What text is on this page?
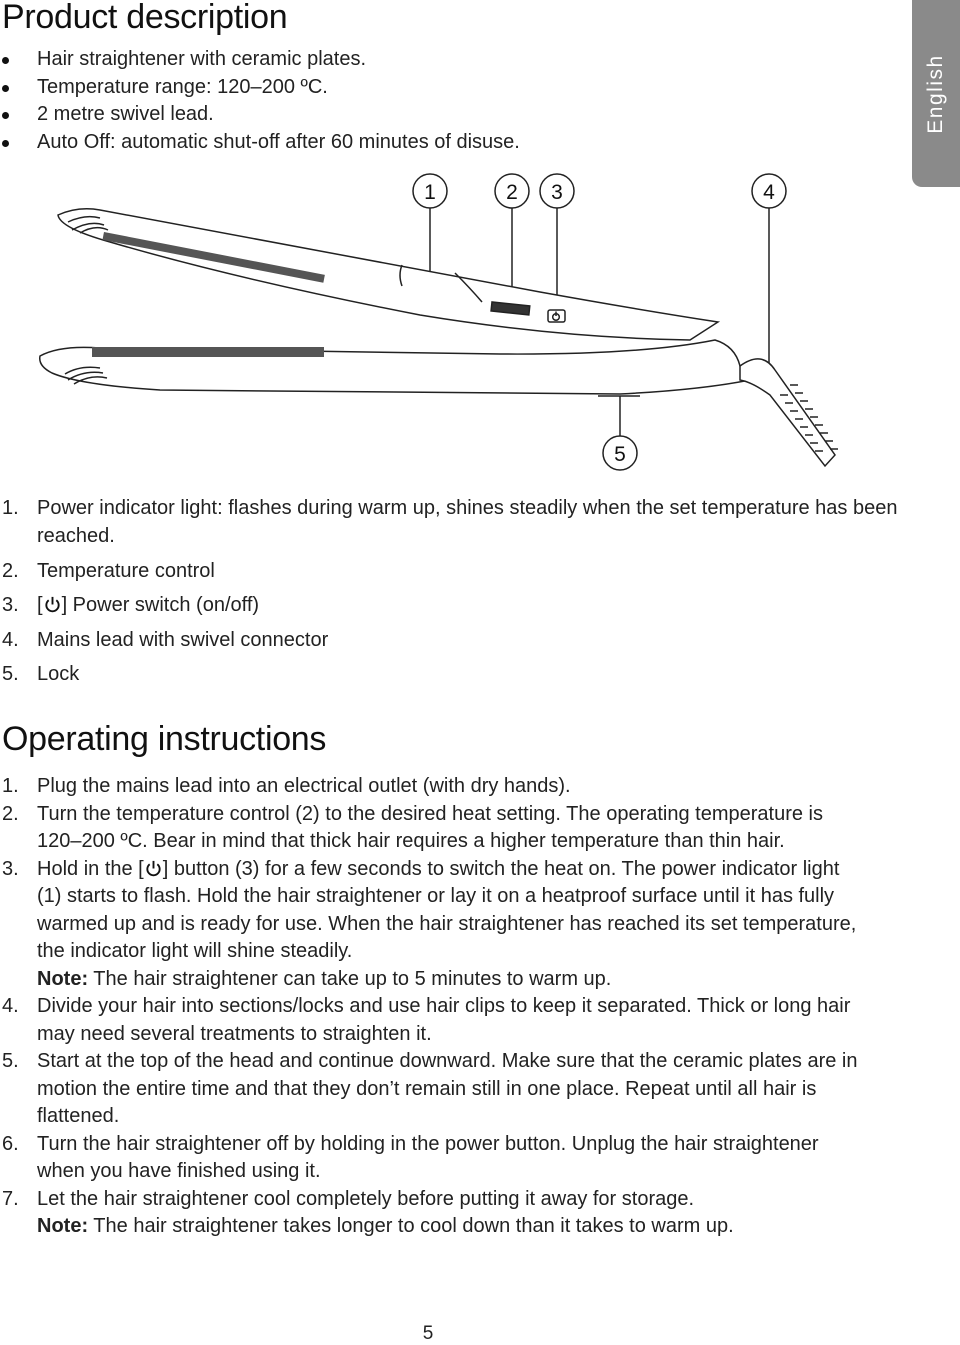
Product description
English
Hair straightener with ceramic plates.
Temperature range: 120–200 ºC.
2 metre swivel lead.
Auto Off: automatic shut-off after 60 minutes of disuse.
1	2 3	4
5
1. Power indicator light: flashes during warm up, shines steadily when the set temperature has been reached.
2. Temperature control
3. [ ] Power switch (on/off)
4. Mains lead with swivel connector
5. Lock
Operating instructions
1. Plug the mains lead into an electrical outlet (with dry hands).
2. Turn the temperature control (2) to the desired heat setting. The operating temperature is 120–200 ºC. Bear in mind that thick hair requires a higher temperature than thin hair.
3. Hold in the [ ] button (3) for a few seconds to switch the heat on. The power indicator light (1) starts to flash. Hold the hair straightener or lay it on a heatproof surface until it has fully warmed up and is ready for use. When the hair straightener has reached its set temperature, the indicator light will shine steadily.
Note: The hair straightener can take up to 5 minutes to warm up.
4. Divide your hair into sections/locks and use hair clips to keep it separated. Thick or long hair may need several treatments to straighten it.
5. Start at the top of the head and continue downward. Make sure that the ceramic plates are in motion the entire time and that they don’t remain still in one place. Repeat until all hair is flattened.
6. Turn the hair straightener off by holding in the power button. Unplug the hair straightener when you have finished using it.
7. Let the hair straightener cool completely before putting it away for storage.
Note: The hair straightener takes longer to cool down than it takes to warm up.
5
